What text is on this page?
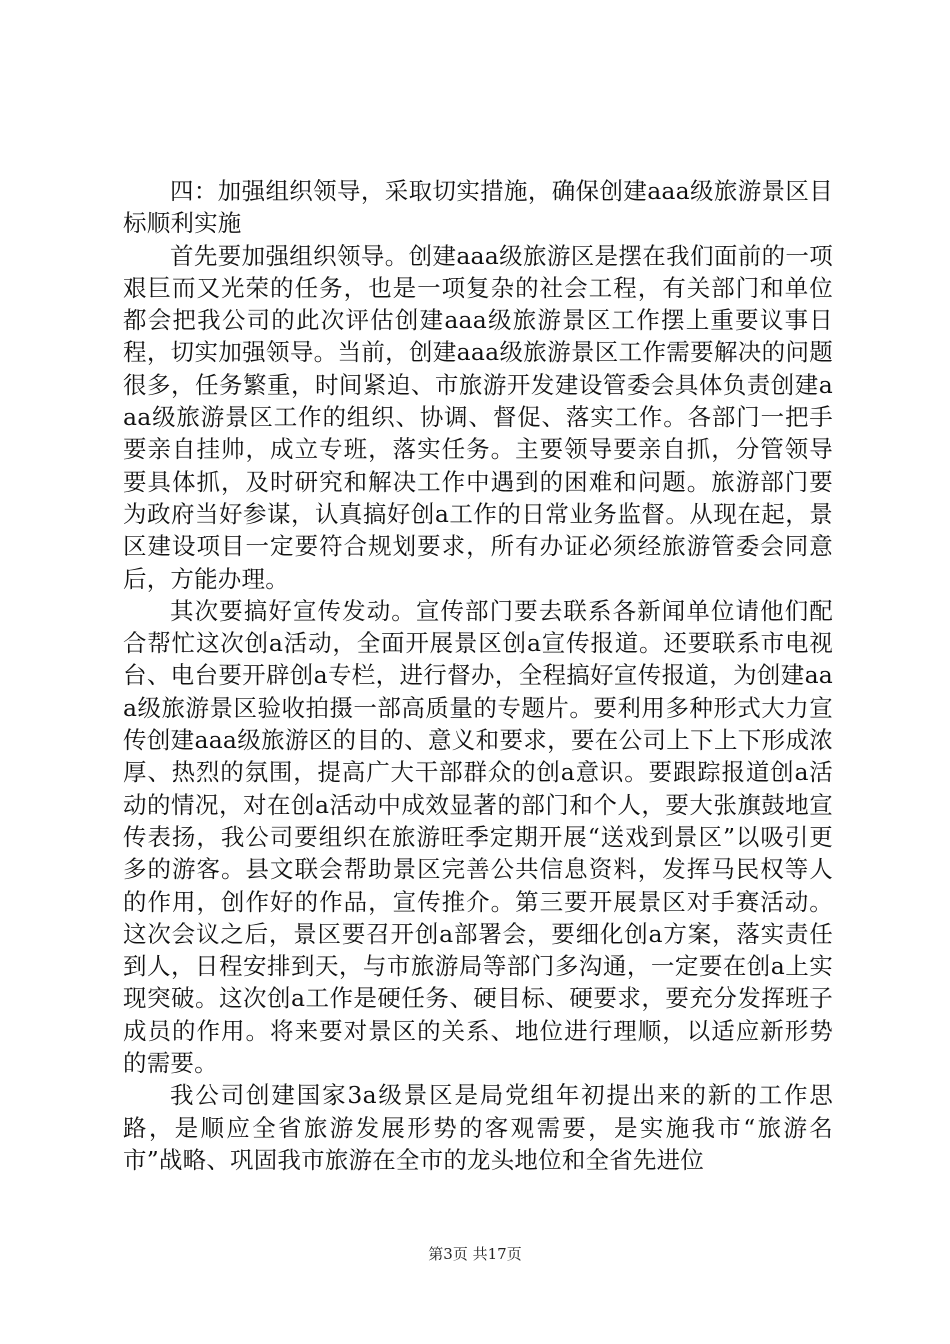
四：加强组织领导，采取切实措施，确保创建aaa级旅游景区目标顺利实施

首先要加强组织领导。创建aaa级旅游区是摆在我们面前的一项艰巨而又光荣的任务，也是一项复杂的社会工程，有关部门和单位都会把我公司的此次评估创建aaa级旅游景区工作摆上重要议事日程，切实加强领导。当前，创建aaa级旅游景区工作需要解决的问题很多，任务繁重，时间紧迫、市旅游开发建设管委会具体负责创建aaa级旅游景区工作的组织、协调、督促、落实工作。各部门一把手要亲自挂帅，成立专班，落实任务。主要领导要亲自抓，分管领导要具体抓，及时研究和解决工作中遇到的困难和问题。旅游部门要为政府当好参谋，认真搞好创a工作的日常业务监督。从现在起，景区建设项目一定要符合规划要求，所有办证必须经旅游管委会同意后，方能办理。

其次要搞好宣传发动。宣传部门要去联系各新闻单位请他们配合帮忙这次创a活动，全面开展景区创a宣传报道。还要联系市电视台、电台要开辟创a专栏，进行督办，全程搞好宣传报道，为创建aaa级旅游景区验收拍摄一部高质量的专题片。要利用多种形式大力宣传创建aaa级旅游区的目的、意义和要求，要在公司上下上下形成浓厚、热烈的氛围，提高广大干部群众的创a意识。要跟踪报道创a活动的情况，对在创a活动中成效显著的部门和个人，要大张旗鼓地宣传表扬，我公司要组织在旅游旺季定期开展“送戏到景区”以吸引更多的游客。县文联会帮助景区完善公共信息资料，发挥马民权等人的作用，创作好的作品，宣传推介。第三要开展景区对手赛活动。这次会议之后，景区要召开创a部署会，要细化创a方案，落实责任到人，日程安排到天，与市旅游局等部门多沟通，一定要在创a上实现突破。这次创a工作是硬任务、硬目标、硬要求，要充分发挥班子成员的作用。将来要对景区的关系、地位进行理顺，以适应新形势的需要。

我公司创建国家3a级景区是局党组年初提出来的新的工作思路，是顺应全省旅游发展形势的客观需要，是实施我市“旅游名市”战略、巩固我市旅游在全市的龙头地位和全省先进位

第3页 共17页
